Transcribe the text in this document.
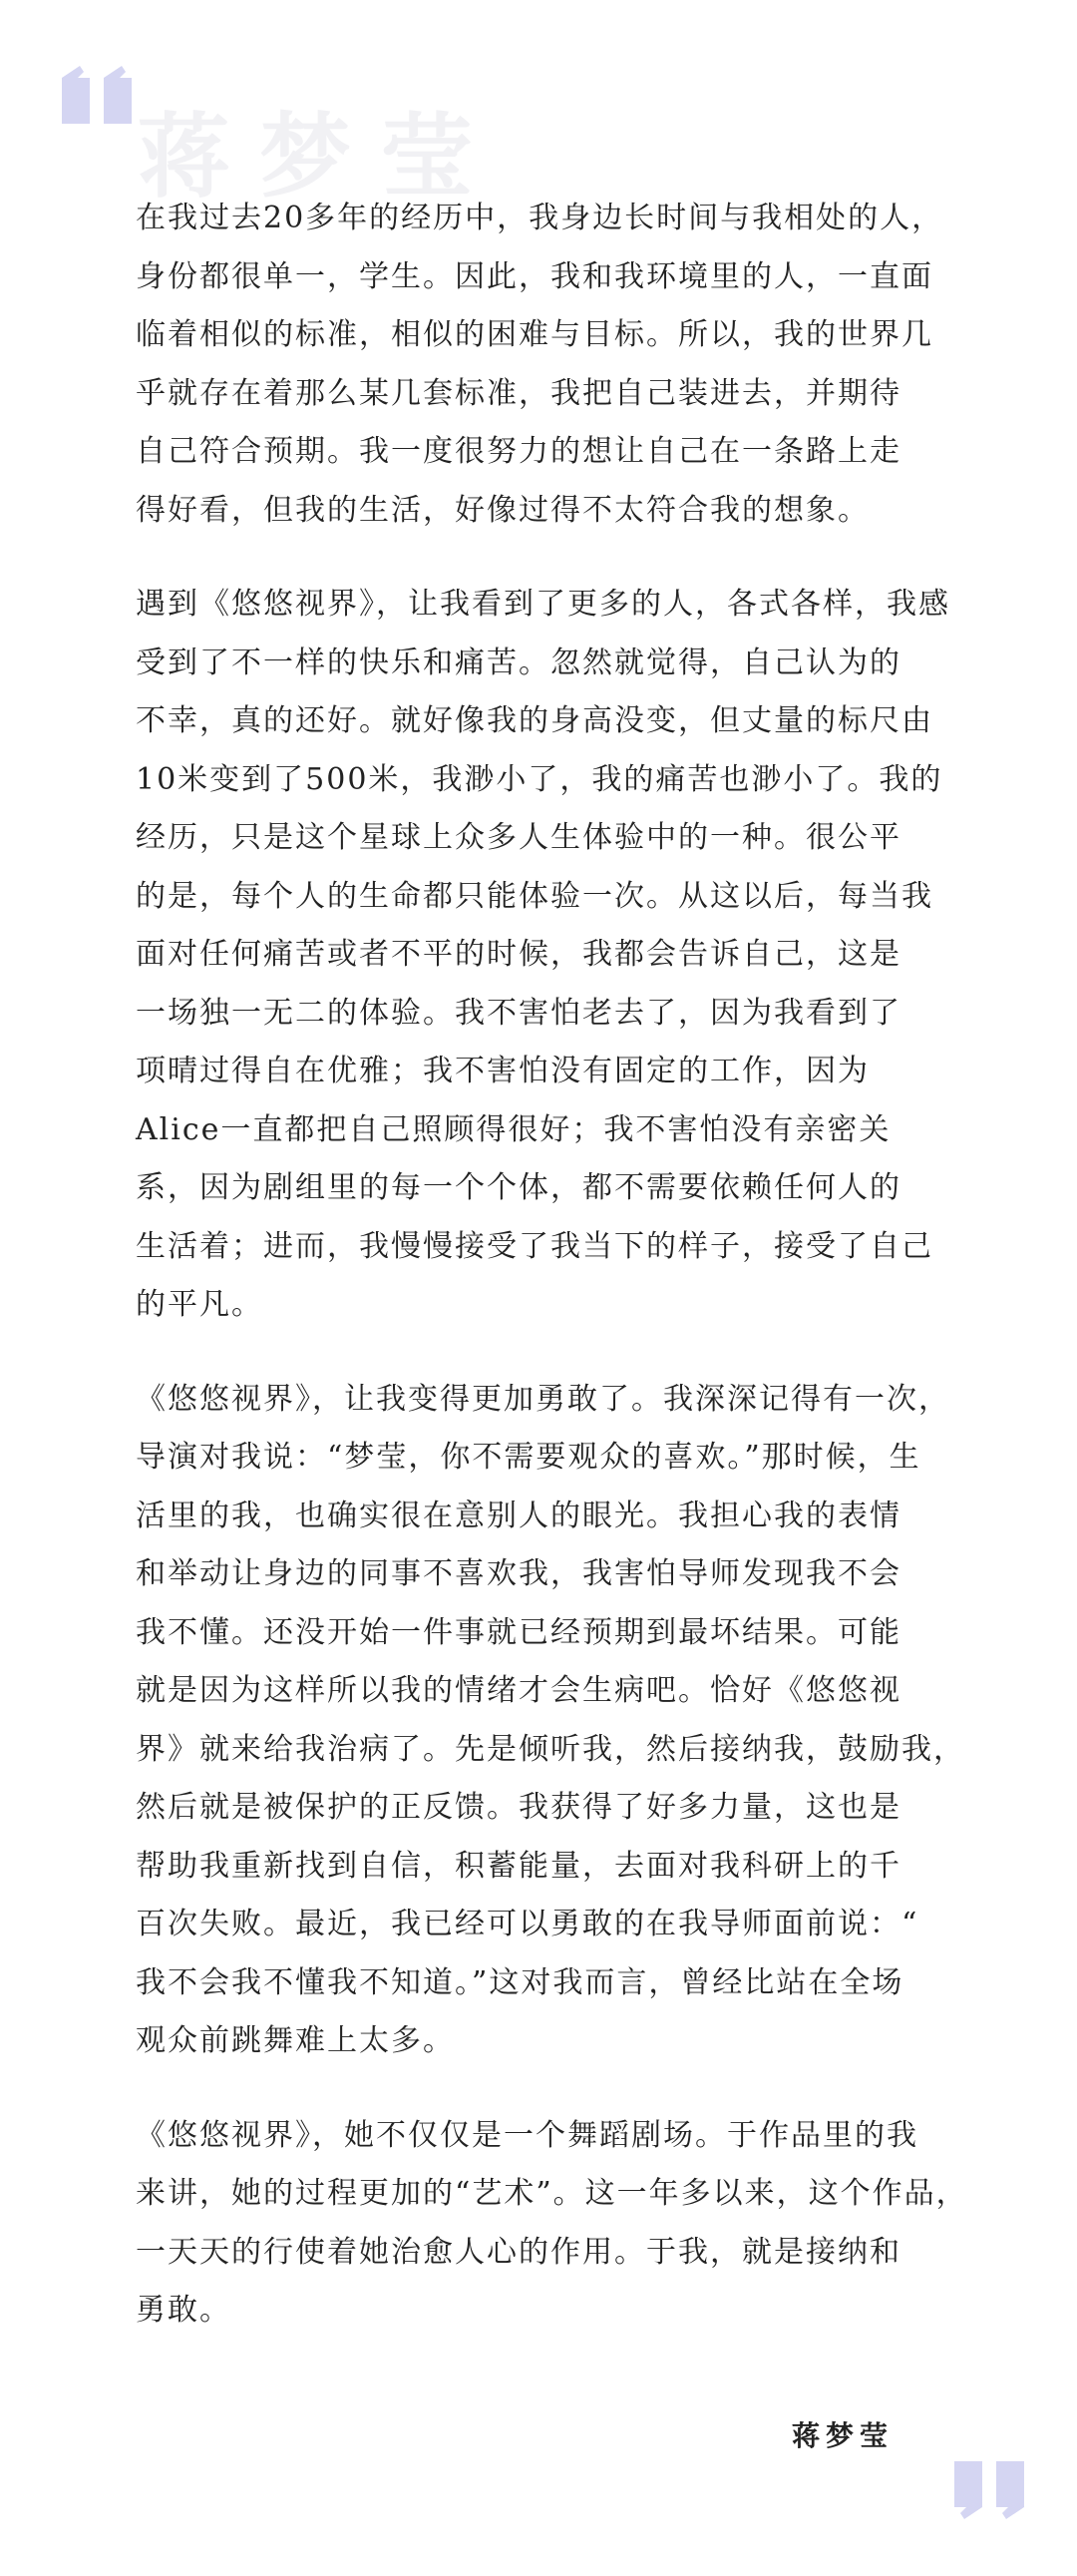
蒋梦莹
在我过去20多年的经历中，我身边长时间与我相处的人，
身份都很单一，学生。因此，我和我环境里的人，一直面
临着相似的标准，相似的困难与目标。所以，我的世界几
乎就存在着那么某几套标准，我把自己装进去，并期待
自己符合预期。我一度很努力的想让自己在一条路上走
得好看，但我的生活，好像过得不太符合我的想象。
遇到《悠悠视界》，让我看到了更多的人，各式各样，我感
受到了不一样的快乐和痛苦。忽然就觉得，自己认为的
不幸，真的还好。就好像我的身高没变，但丈量的标尺由
10米变到了500米，我渺小了，我的痛苦也渺小了。我的
经历，只是这个星球上众多人生体验中的一种。很公平
的是，每个人的生命都只能体验一次。从这以后，每当我
面对任何痛苦或者不平的时候，我都会告诉自己，这是
一场独一无二的体验。我不害怕老去了，因为我看到了
项晴过得自在优雅；我不害怕没有固定的工作，因为
Alice一直都把自己照顾得很好；我不害怕没有亲密关
系，因为剧组里的每一个个体，都不需要依赖任何人的
生活着；进而，我慢慢接受了我当下的样子，接受了自己
的平凡。
《悠悠视界》，让我变得更加勇敢了。我深深记得有一次，
导演对我说：“梦莹，你不需要观众的喜欢。”那时候，生
活里的我，也确实很在意别人的眼光。我担心我的表情
和举动让身边的同事不喜欢我，我害怕导师发现我不会
我不懂。还没开始一件事就已经预期到最坏结果。可能
就是因为这样所以我的情绪才会生病吧。恰好《悠悠视
界》就来给我治病了。先是倾听我，然后接纳我，鼓励我，
然后就是被保护的正反馈。我获得了好多力量，这也是
帮助我重新找到自信，积蓄能量，去面对我科研上的千
百次失败。最近，我已经可以勇敢的在我导师面前说：“
我不会我不懂我不知道。”这对我而言，曾经比站在全场
观众前跳舞难上太多。
《悠悠视界》，她不仅仅是一个舞蹈剧场。于作品里的我
来讲，她的过程更加的“艺术”。这一年多以来，这个作品，
一天天的行使着她治愈人心的作用。于我，就是接纳和
勇敢。
蒋梦莹
